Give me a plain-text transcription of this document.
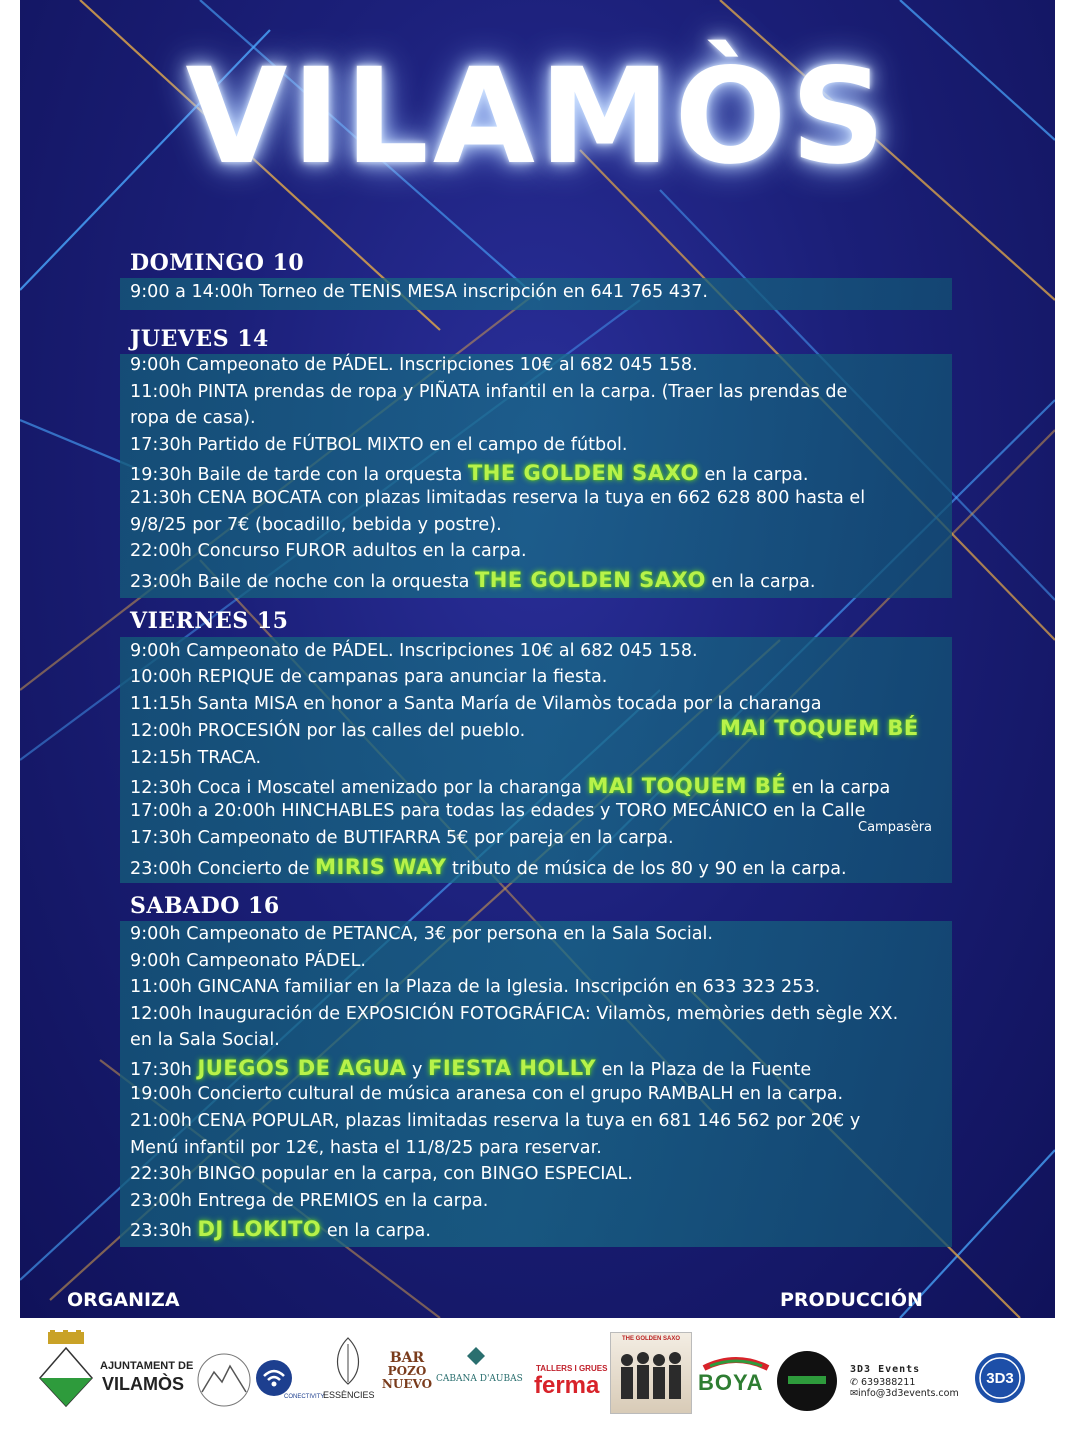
VILAMÒS
DOMINGO 10
9:00 a 14:00h Torneo de TENIS MESA inscripción en 641 765 437.
JUEVES 14
9:00h Campeonato de PÁDEL. Inscripciones 10€ al 682 045 158.
11:00h PINTA prendas de ropa y PIÑATA infantil en la carpa. (Traer las prendas de
ropa de casa).
17:30h Partido de FÚTBOL MIXTO en el campo de fútbol.
19:30h Baile de tarde con la orquesta THE GOLDEN SAXO en la carpa.
21:30h CENA BOCATA con plazas limitadas reserva la tuya en 662 628 800 hasta el
9/8/25 por 7€ (bocadillo, bebida y postre).
22:00h Concurso FUROR adultos en la carpa.
23:00h Baile de noche con la orquesta THE GOLDEN SAXO en la carpa.
VIERNES 15
9:00h Campeonato de PÁDEL. Inscripciones 10€ al 682 045 158.
10:00h REPIQUE de campanas para anunciar la fiesta.
11:15h Santa MISA en honor a Santa María de Vilamòs tocada por la charanga
12:00h PROCESIÓN por las calles del pueblo.	MAI TOQUEM BÉ
12:15h TRACA.
12:30h Coca i Moscatel amenizado por la charanga MAI TOQUEM BÉ en la carpa
17:00h a 20:00h HINCHABLES para todas las edades y TORO MECÁNICO en la Calle
17:30h Campeonato de BUTIFARRA 5€ por pareja en la carpa.
Campasèra
23:00h Concierto de MIRIS WAY tributo de música de los 80 y 90 en la carpa.
SABADO 16
9:00h Campeonato de PETANCA, 3€ por persona en la Sala Social.
9:00h Campeonato PÁDEL.
11:00h GINCANA familiar en la Plaza de la Iglesia. Inscripción en 633 323 253.
12:00h Inauguración de EXPOSICIÓN FOTOGRÁFICA: Vilamòs, memòries deth sègle XX.
en la Sala Social.
17:30h JUEGOS DE AGUA y FIESTA HOLLY en la Plaza de la Fuente
19:00h Concierto cultural de música aranesa con el grupo RAMBALH en la carpa.
21:00h CENA POPULAR, plazas limitadas reserva la tuya en 681 146 562 por 20€ y
Menú infantil por 12€, hasta el 11/8/25 para reservar.
22:30h BINGO popular en la carpa, con BINGO ESPECIAL.
23:00h Entrega de PREMIOS en la carpa.
23:30h DJ LOKITO en la carpa.
ORGANIZA	PRODUCCIÓN
AJUNTAMENT DE
VILAMÒS
CONECTIVITY
ESSÈNCIES
BAR
POZO
NUEVO CABANA D'AUBAS
TALLERS I GRUES
ferma
THE GOLDEN SAXO
BOYA
3D3 Events
✆ 639388211
✉info@3d3events.com
3D3
